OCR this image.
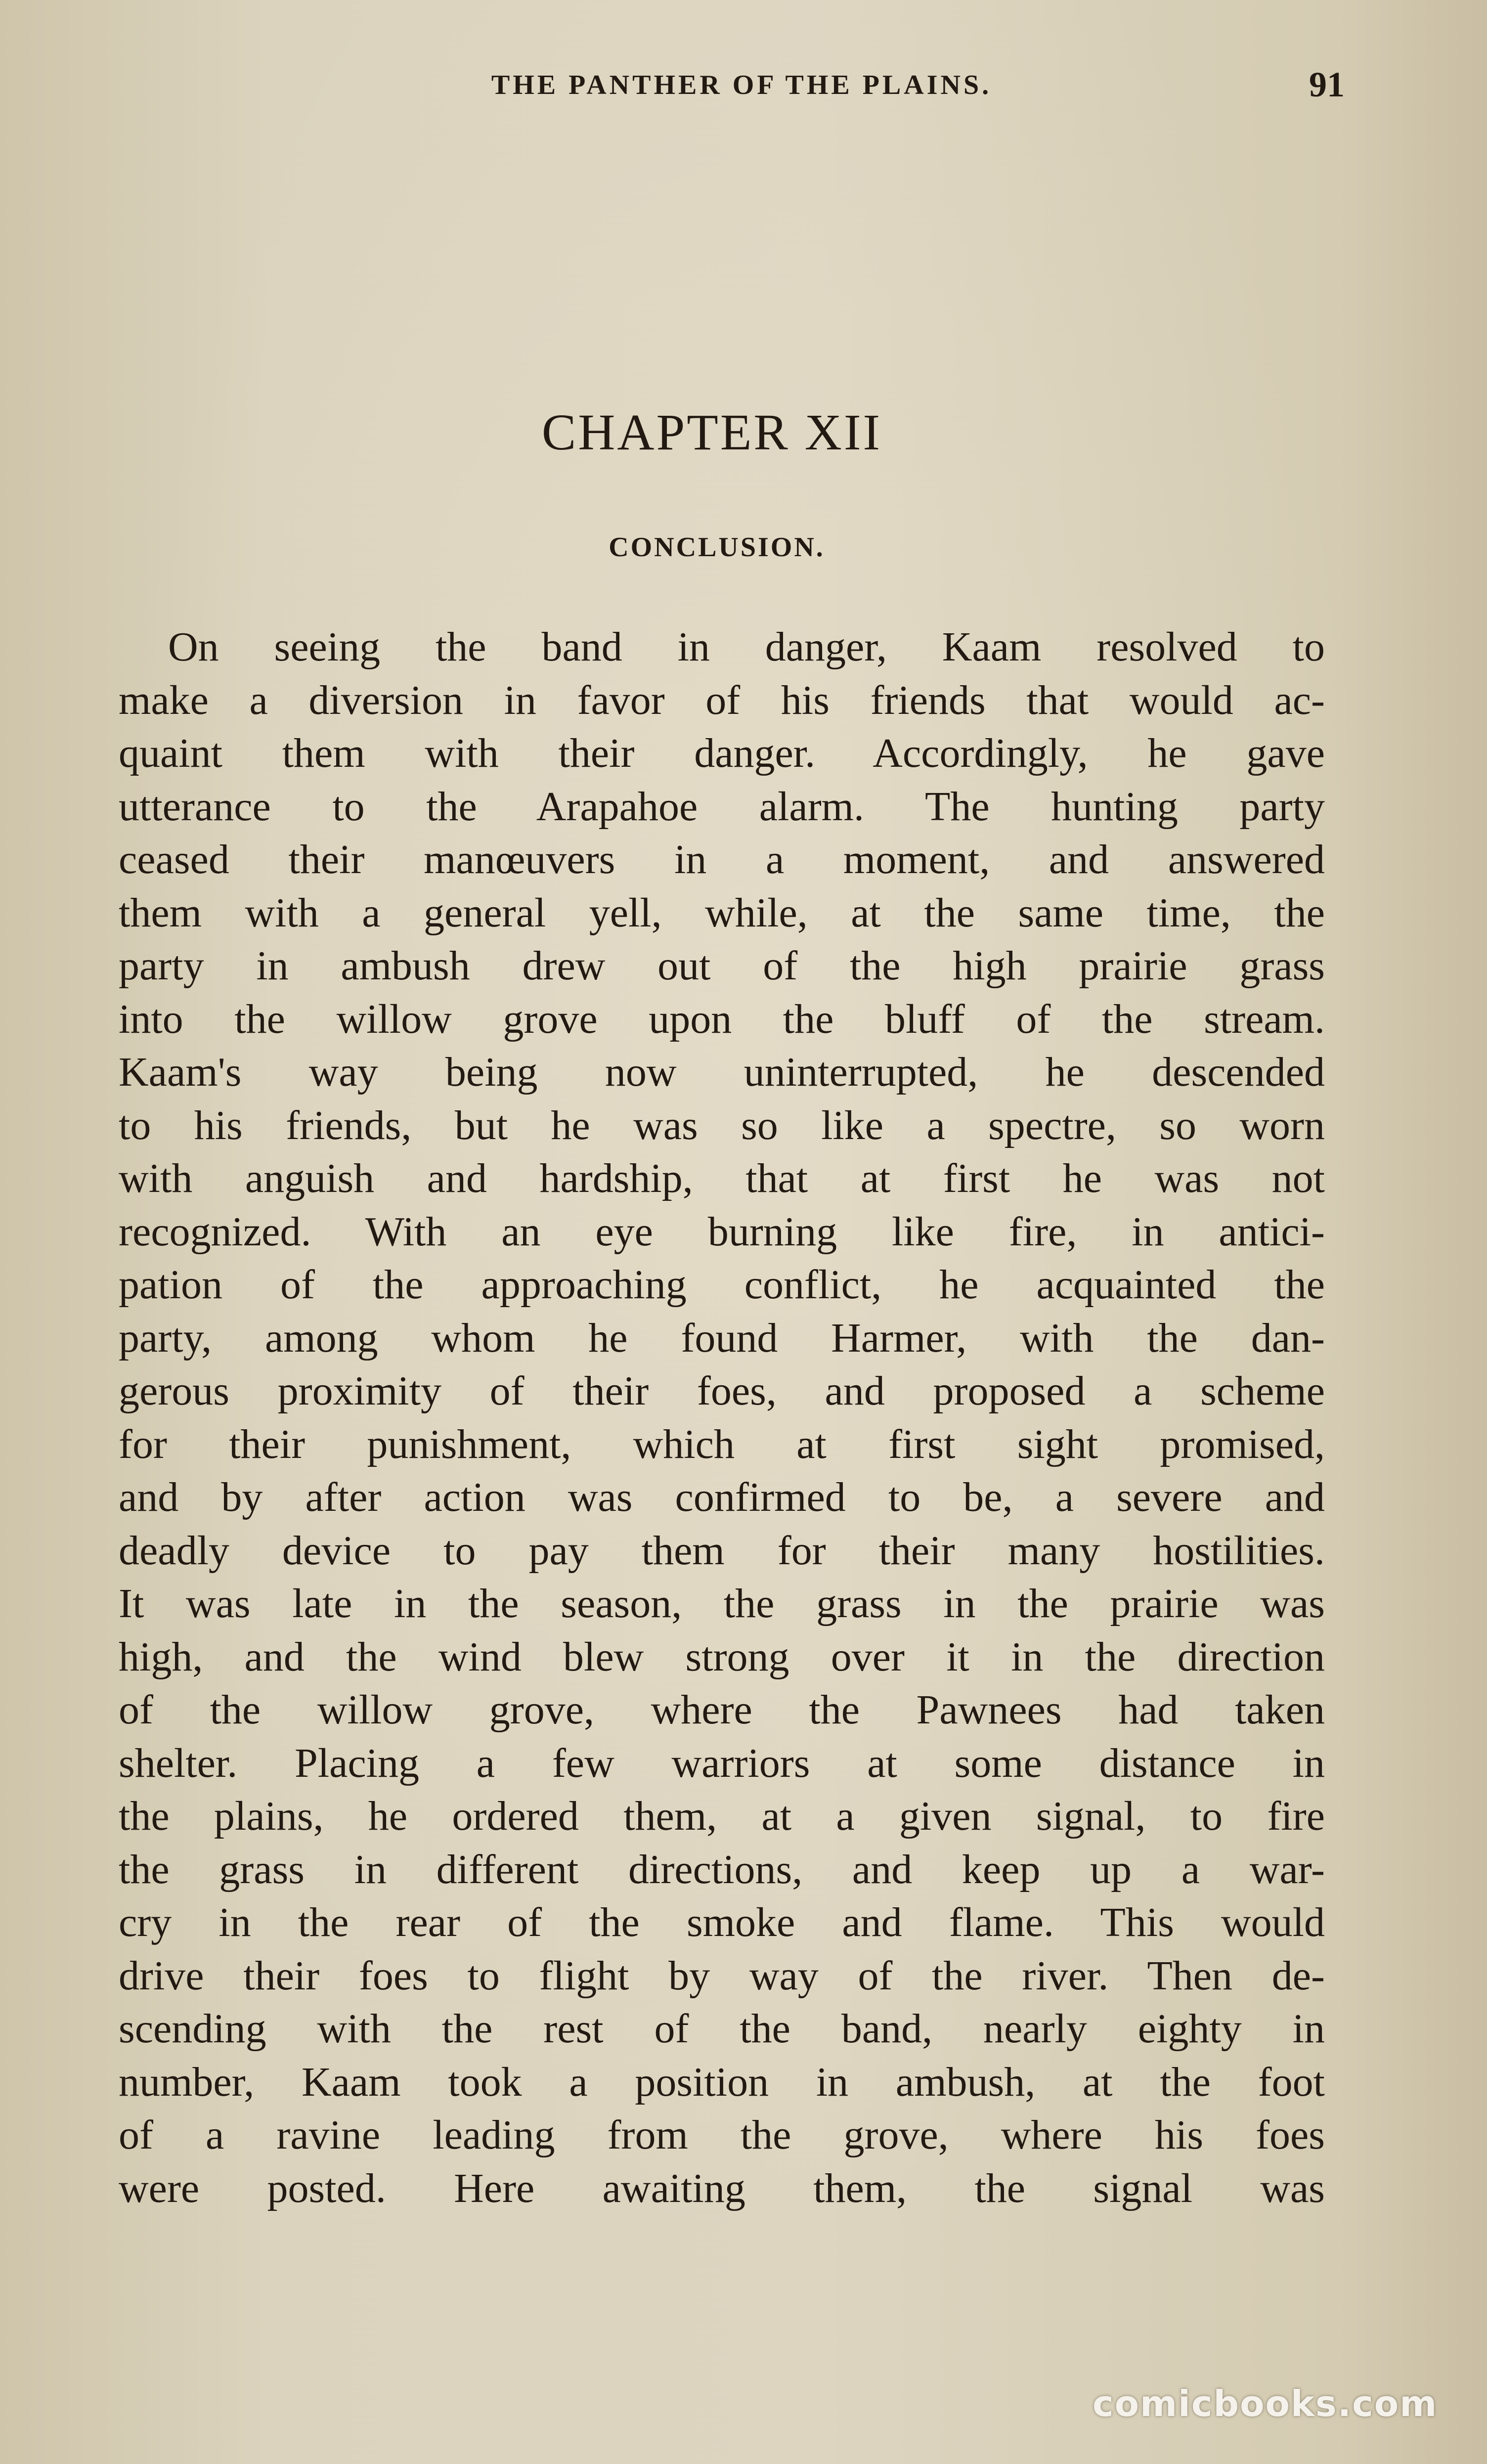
THE PANTHER OF THE PLAINS.	91
CHAPTER XII
CONCLUSION.
On seeing the band in danger, Kaam resolved to
make a diversion in favor of his friends that would ac-
quaint them with their danger. Accordingly, he gave
utterance to the Arapahoe alarm. The hunting party
ceased their manœuvers in a moment, and answered
them with a general yell, while, at the same time, the
party in ambush drew out of the high prairie grass
into the willow grove upon the bluff of the stream.
Kaam's way being now uninterrupted, he descended
to his friends, but he was so like a spectre, so worn
with anguish and hardship, that at first he was not
recognized. With an eye burning like fire, in antici-
pation of the approaching conflict, he acquainted the
party, among whom he found Harmer, with the dan-
gerous proximity of their foes, and proposed a scheme
for their punishment, which at first sight promised,
and by after action was confirmed to be, a severe and
deadly device to pay them for their many hostilities.
It was late in the season, the grass in the prairie was
high, and the wind blew strong over it in the direction
of the willow grove, where the Pawnees had taken
shelter. Placing a few warriors at some distance in
the plains, he ordered them, at a given signal, to fire
the grass in different directions, and keep up a war-
cry in the rear of the smoke and flame. This would
drive their foes to flight by way of the river. Then de-
scending with the rest of the band, nearly eighty in
number, Kaam took a position in ambush, at the foot
of a ravine leading from the grove, where his foes
were posted. Here awaiting them, the signal was
comicbooks.com
